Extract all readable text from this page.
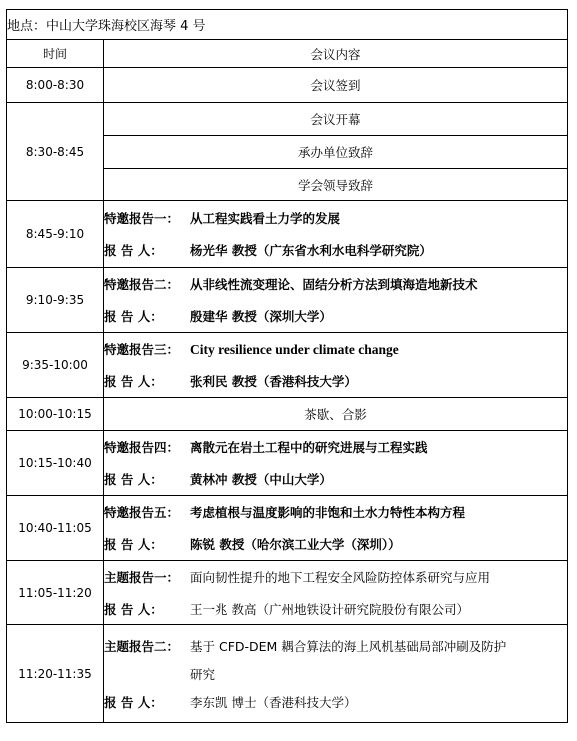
地点：中山大学珠海校区海琴 4 号	
时间	会议内容
8:00-8:30	会议签到
8:30-8:45	会议开幕
	承办单位致辞
	学会领导致辞
8:45-9:10	特邀报告一： 从工程实践看土力学的发展
报 告 人： 杨光华 教授（广东省水利水电科学研究院）

9:10-9:35	特邀报告二： 从非线性流变理论、固结分析方法到填海造地新技术
报 告 人： 殷建华 教授（深圳大学）

9:35-10:00	特邀报告三： City resilience under climate change
报 告 人： 张利民 教授（香港科技大学）

10:00-10:15	茶歇、合影
10:15-10:40	特邀报告四： 离散元在岩土工程中的研究进展与工程实践
报 告 人： 黄林冲 教授（中山大学）

10:40-11:05	特邀报告五： 考虑植根与温度影响的非饱和土水力特性本构方程
报 告 人： 陈锐 教授（哈尔滨工业大学（深圳））

11:05-11:20	主题报告一： 面向韧性提升的地下工程安全风险防控体系研究与应用
报 告 人： 王一兆 教高（广州地铁设计研究院股份有限公司）

11:20-11:35	主题报告二： 基于 CFD-DEM 耦合算法的海上风机基础局部冲刷及防护
研究
报 告 人： 李东凯 博士（香港科技大学）
